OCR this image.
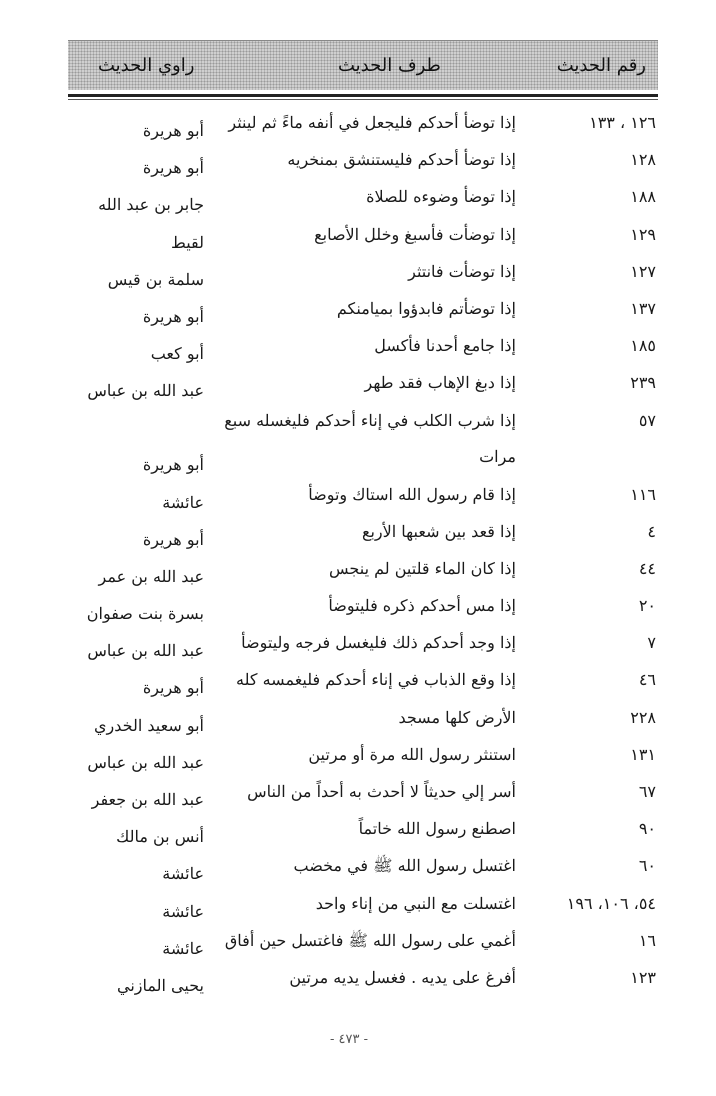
رقم الحديث
طرف الحديث
راوي الحديث
١٢٦ ، ١٣٣
إذا توضأ أحدكم فليجعل في أنفه ماءً ثم لينثر
أبو هريرة
١٢٨
إذا توضأ أحدكم فليستنشق بمنخريه
أبو هريرة
١٨٨
إذا توضأ وضوءه للصلاة
جابر بن عبد الله
١٢٩
إذا توضأت فأسبغ وخلل الأصابع
لقيط
١٢٧
إذا توضأت فانتثر
سلمة بن قيس
١٣٧
إذا توضأتم فابدؤوا بميامنكم
أبو هريرة
١٨٥
إذا جامع أحدنا فأكسل
أبو كعب
٢٣٩
إذا دبغ الإهاب فقد طهر
عبد الله بن عباس
٥٧
إذا شرب الكلب في إناء أحدكم فليغسله سبع
مرات
أبو هريرة
١١٦
إذا قام رسول الله استاك وتوضأ
عائشة
٤
إذا قعد بين شعبها الأربع
أبو هريرة
٤٤
إذا كان الماء قلتين لم ينجس
عبد الله بن عمر
٢٠
إذا مس أحدكم ذكره فليتوضأ
بسرة بنت صفوان
٧
إذا وجد أحدكم ذلك فليغسل فرجه وليتوضأ
عبد الله بن عباس
٤٦
إذا وقع الذباب في إناء أحدكم فليغمسه كله
أبو هريرة
٢٢٨
الأرض كلها مسجد
أبو سعيد الخدري
١٣١
استنثر رسول الله مرة أو مرتين
عبد الله بن عباس
٦٧
أسر إلي حديثاً لا أحدث به أحداً من الناس
عبد الله بن جعفر
٩٠
اصطنع رسول الله خاتماً
أنس بن مالك
٦٠
اغتسل رسول الله ﷺ في مخضب
عائشة
٥٤، ١٠٦، ١٩٦
اغتسلت مع النبي من إناء واحد
عائشة
١٦
أغمي على رسول الله ﷺ فاغتسل حين أفاق
عائشة
١٢٣
أفرغ على يديه . فغسل يديه مرتين
يحيى المازني
- ٤٧٣ -
